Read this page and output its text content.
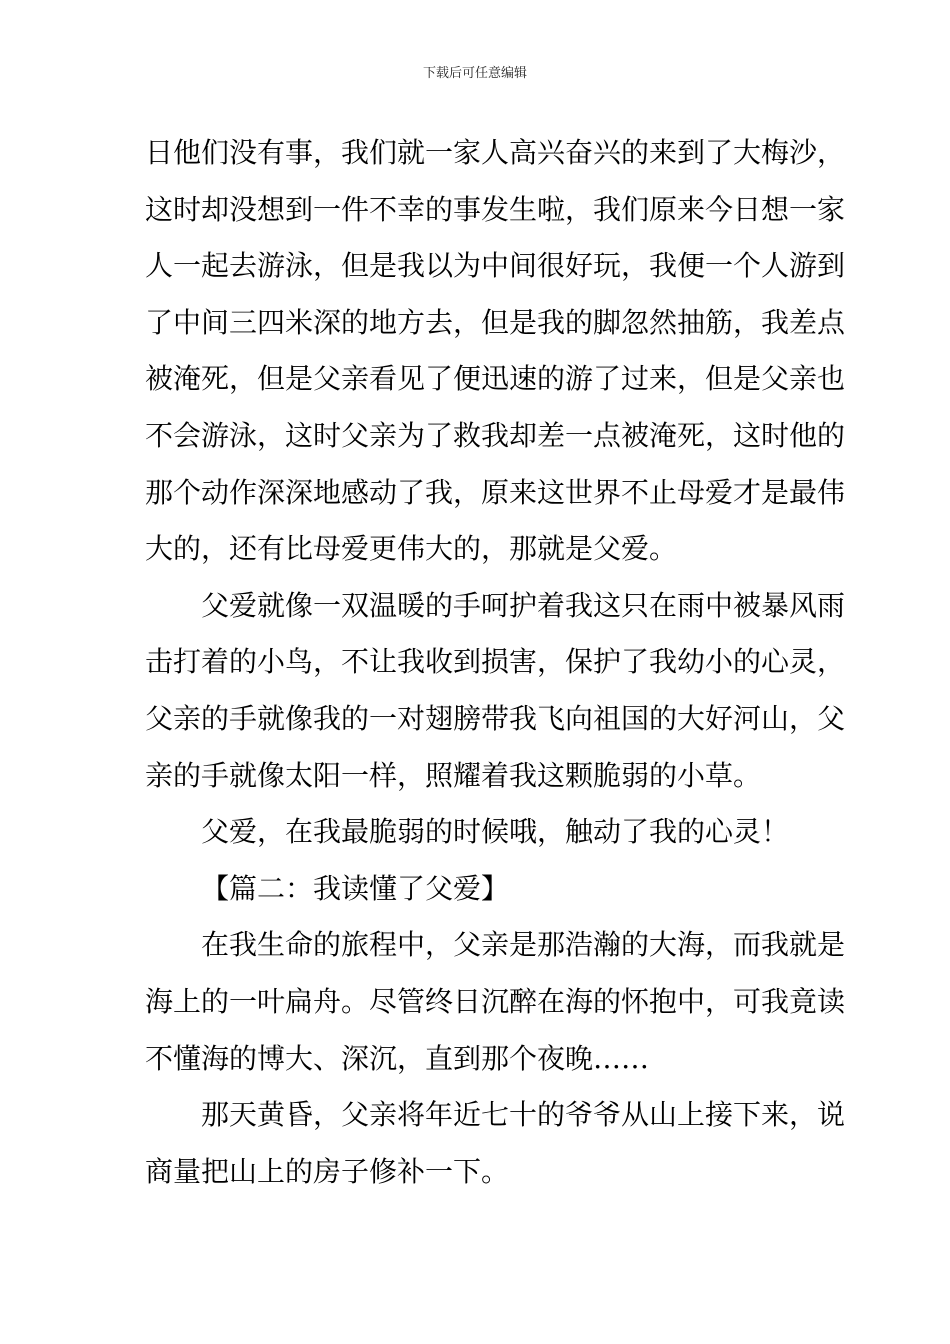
下载后可任意编辑
日他们没有事，我们就一家人高兴奋兴的来到了大梅沙，
这时却没想到一件不幸的事发生啦，我们原来今日想一家
人一起去游泳，但是我以为中间很好玩，我便一个人游到
了中间三四米深的地方去，但是我的脚忽然抽筋，我差点
被淹死，但是父亲看见了便迅速的游了过来，但是父亲也
不会游泳，这时父亲为了救我却差一点被淹死，这时他的
那个动作深深地感动了我，原来这世界不止母爱才是最伟
大的，还有比母爱更伟大的，那就是父爱。
父爱就像一双温暖的手呵护着我这只在雨中被暴风雨
击打着的小鸟，不让我收到损害，保护了我幼小的心灵，
父亲的手就像我的一对翅膀带我飞向祖国的大好河山，父
亲的手就像太阳一样，照耀着我这颗脆弱的小草。
父爱，在我最脆弱的时候哦，触动了我的心灵！
【篇二：我读懂了父爱】
在我生命的旅程中，父亲是那浩瀚的大海，而我就是
海上的一叶扁舟。尽管终日沉醉在海的怀抱中，可我竟读
不懂海的博大、深沉，直到那个夜晚……
那天黄昏，父亲将年近七十的爷爷从山上接下来，说
商量把山上的房子修补一下。
